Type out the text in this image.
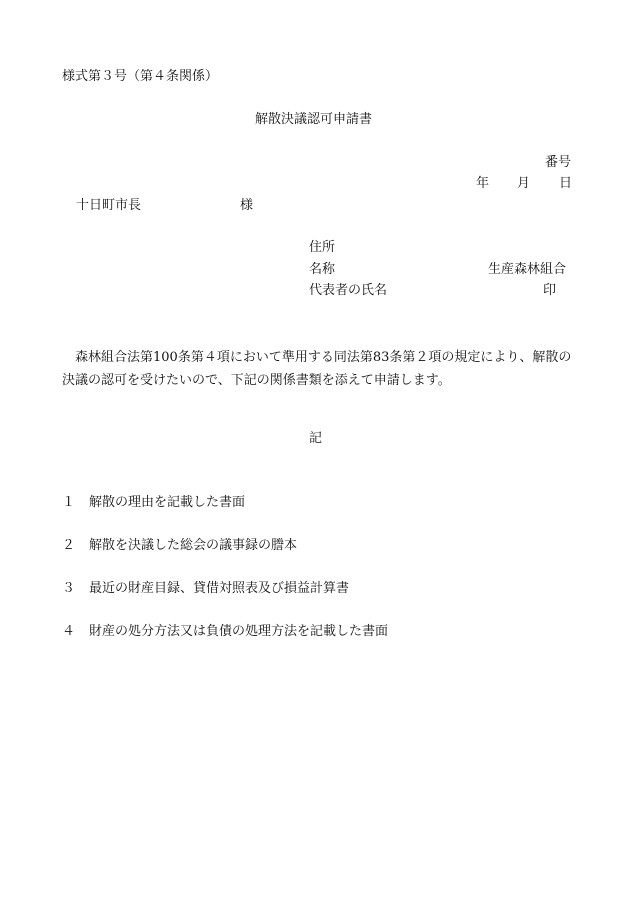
様式第３号（第４条関係）
解散決議認可申請書
番号
年 月 日
十日町市長	様
住所
名称	生産森林組合
代表者の氏名	印
森林組合法第100条第４項において準用する同法第83条第２項の規定により、解散の決議の認可を受けたいので、下記の関係書類を添えて申請します。
記
１ 解散の理由を記載した書面
２ 解散を決議した総会の議事録の謄本
３ 最近の財産目録、貸借対照表及び損益計算書
４ 財産の処分方法又は負債の処理方法を記載した書面
